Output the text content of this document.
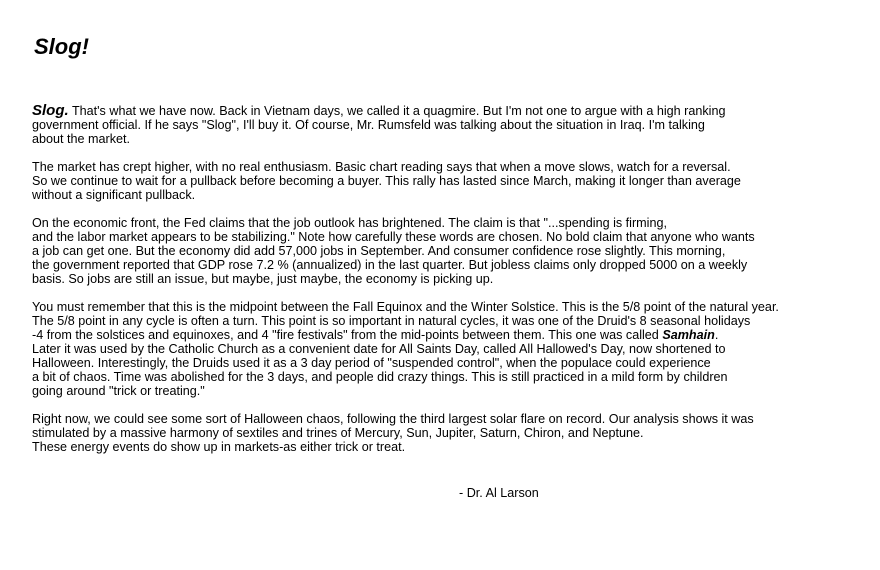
Slog!

Slog. That's what we have now. Back in Vietnam days, we called it a quagmire. But I'm not one to argue with a high ranking
government official. If he says "Slog", I'll buy it. Of course, Mr. Rumsfeld was talking about the situation in Iraq. I'm talking
about the market.

The market has crept higher, with no real enthusiasm. Basic chart reading says that when a move slows, watch for a reversal.
So we continue to wait for a pullback before becoming a buyer. This rally has lasted since March, making it longer than average
without a significant pullback.

On the economic front, the Fed claims that the job outlook has brightened. The claim is that "...spending is firming,
and the labor market appears to be stabilizing." Note how carefully these words are chosen. No bold claim that anyone who wants
a job can get one. But the economy did add 57,000 jobs in September. And consumer confidence rose slightly. This morning,
the government reported that GDP rose 7.2 % (annualized) in the last quarter. But jobless claims only dropped 5000 on a weekly
basis. So jobs are still an issue, but maybe, just maybe, the economy is picking up.

You must remember that this is the midpoint between the Fall Equinox and the Winter Solstice. This is the 5/8 point of the natural year.
The 5/8 point in any cycle is often a turn. This point is so important in natural cycles, it was one of the Druid's 8 seasonal holidays
-4 from the solstices and equinoxes, and 4 "fire festivals" from the mid-points between them. This one was called Samhain.
Later it was used by the Catholic Church as a convenient date for All Saints Day, called All Hallowed's Day, now shortened to
Halloween. Interestingly, the Druids used it as a 3 day period of "suspended control", when the populace could experience
a bit of chaos. Time was abolished for the 3 days, and people did crazy things. This is still practiced in a mild form by children
going around "trick or treating."

Right now, we could see some sort of Halloween chaos, following the third largest solar flare on record. Our analysis shows it was
stimulated by a massive harmony of sextiles and trines of Mercury, Sun, Jupiter, Saturn, Chiron, and Neptune.
These energy events do show up in markets-as either trick or treat.

- Dr. Al Larson
